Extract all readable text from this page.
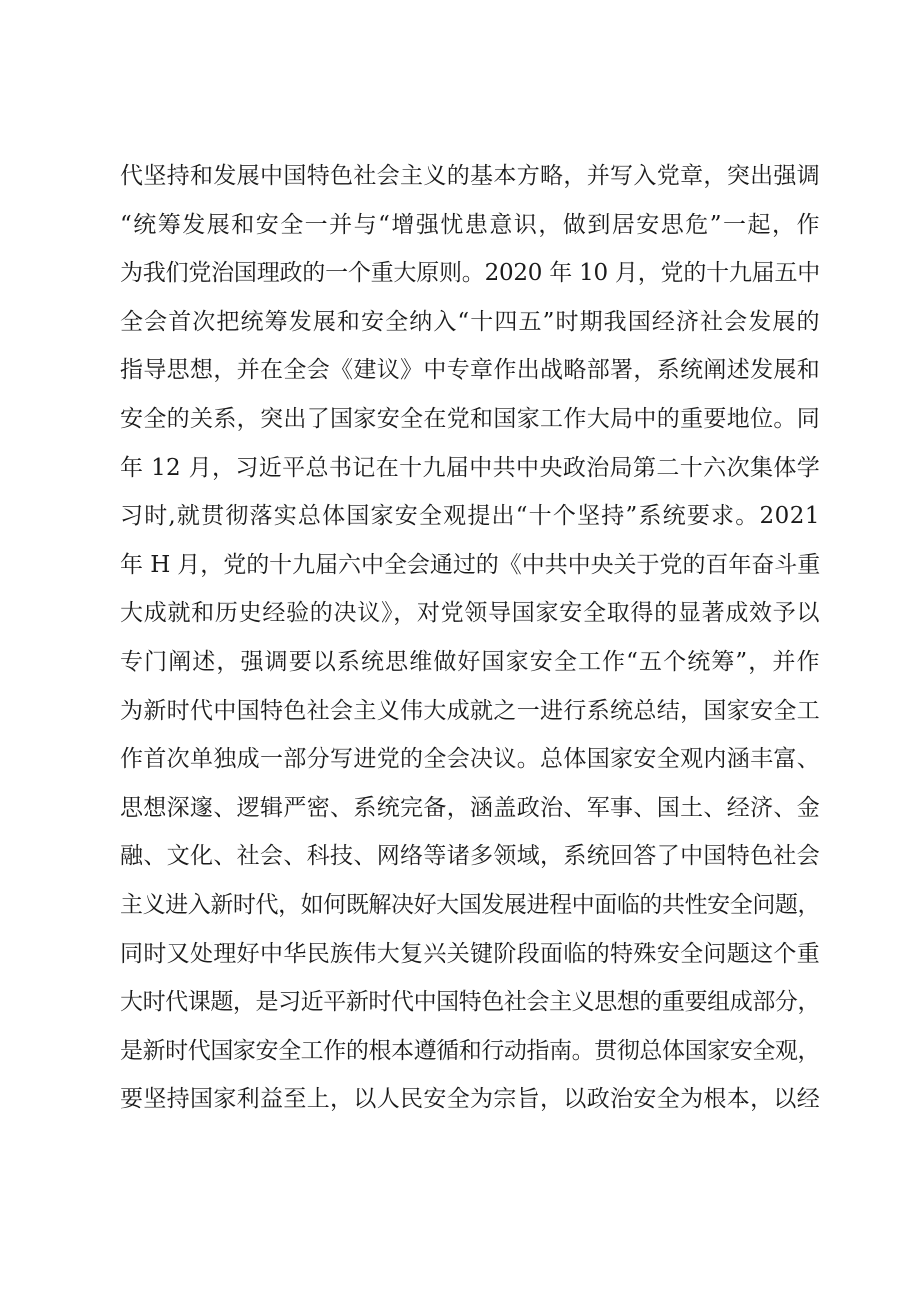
代坚持和发展中国特色社会主义的基本方略，并写入党章，突出强调
“统筹发展和安全一并与“增强忧患意识，做到居安思危”一起，作
为我们党治国理政的一个重大原则。2020 年 10 月，党的十九届五中
全会首次把统筹发展和安全纳入“十四五”时期我国经济社会发展的
指导思想，并在全会《建议》中专章作出战略部署，系统阐述发展和
安全的关系，突出了国家安全在党和国家工作大局中的重要地位。同
年 12 月，习近平总书记在十九届中共中央政治局第二十六次集体学
习时,就贯彻落实总体国家安全观提出“十个坚持”系统要求。2021
年 H 月，党的十九届六中全会通过的《中共中央关于党的百年奋斗重
大成就和历史经验的决议》，对党领导国家安全取得的显著成效予以
专门阐述，强调要以系统思维做好国家安全工作“五个统筹”，并作
为新时代中国特色社会主义伟大成就之一进行系统总结，国家安全工
作首次单独成一部分写进党的全会决议。总体国家安全观内涵丰富、
思想深邃、逻辑严密、系统完备，涵盖政治、军事、国土、经济、金
融、文化、社会、科技、网络等诸多领域，系统回答了中国特色社会
主义进入新时代，如何既解决好大国发展进程中面临的共性安全问题，
同时又处理好中华民族伟大复兴关键阶段面临的特殊安全问题这个重
大时代课题，是习近平新时代中国特色社会主义思想的重要组成部分，
是新时代国家安全工作的根本遵循和行动指南。贯彻总体国家安全观，
要坚持国家利益至上，以人民安全为宗旨，以政治安全为根本，以经
